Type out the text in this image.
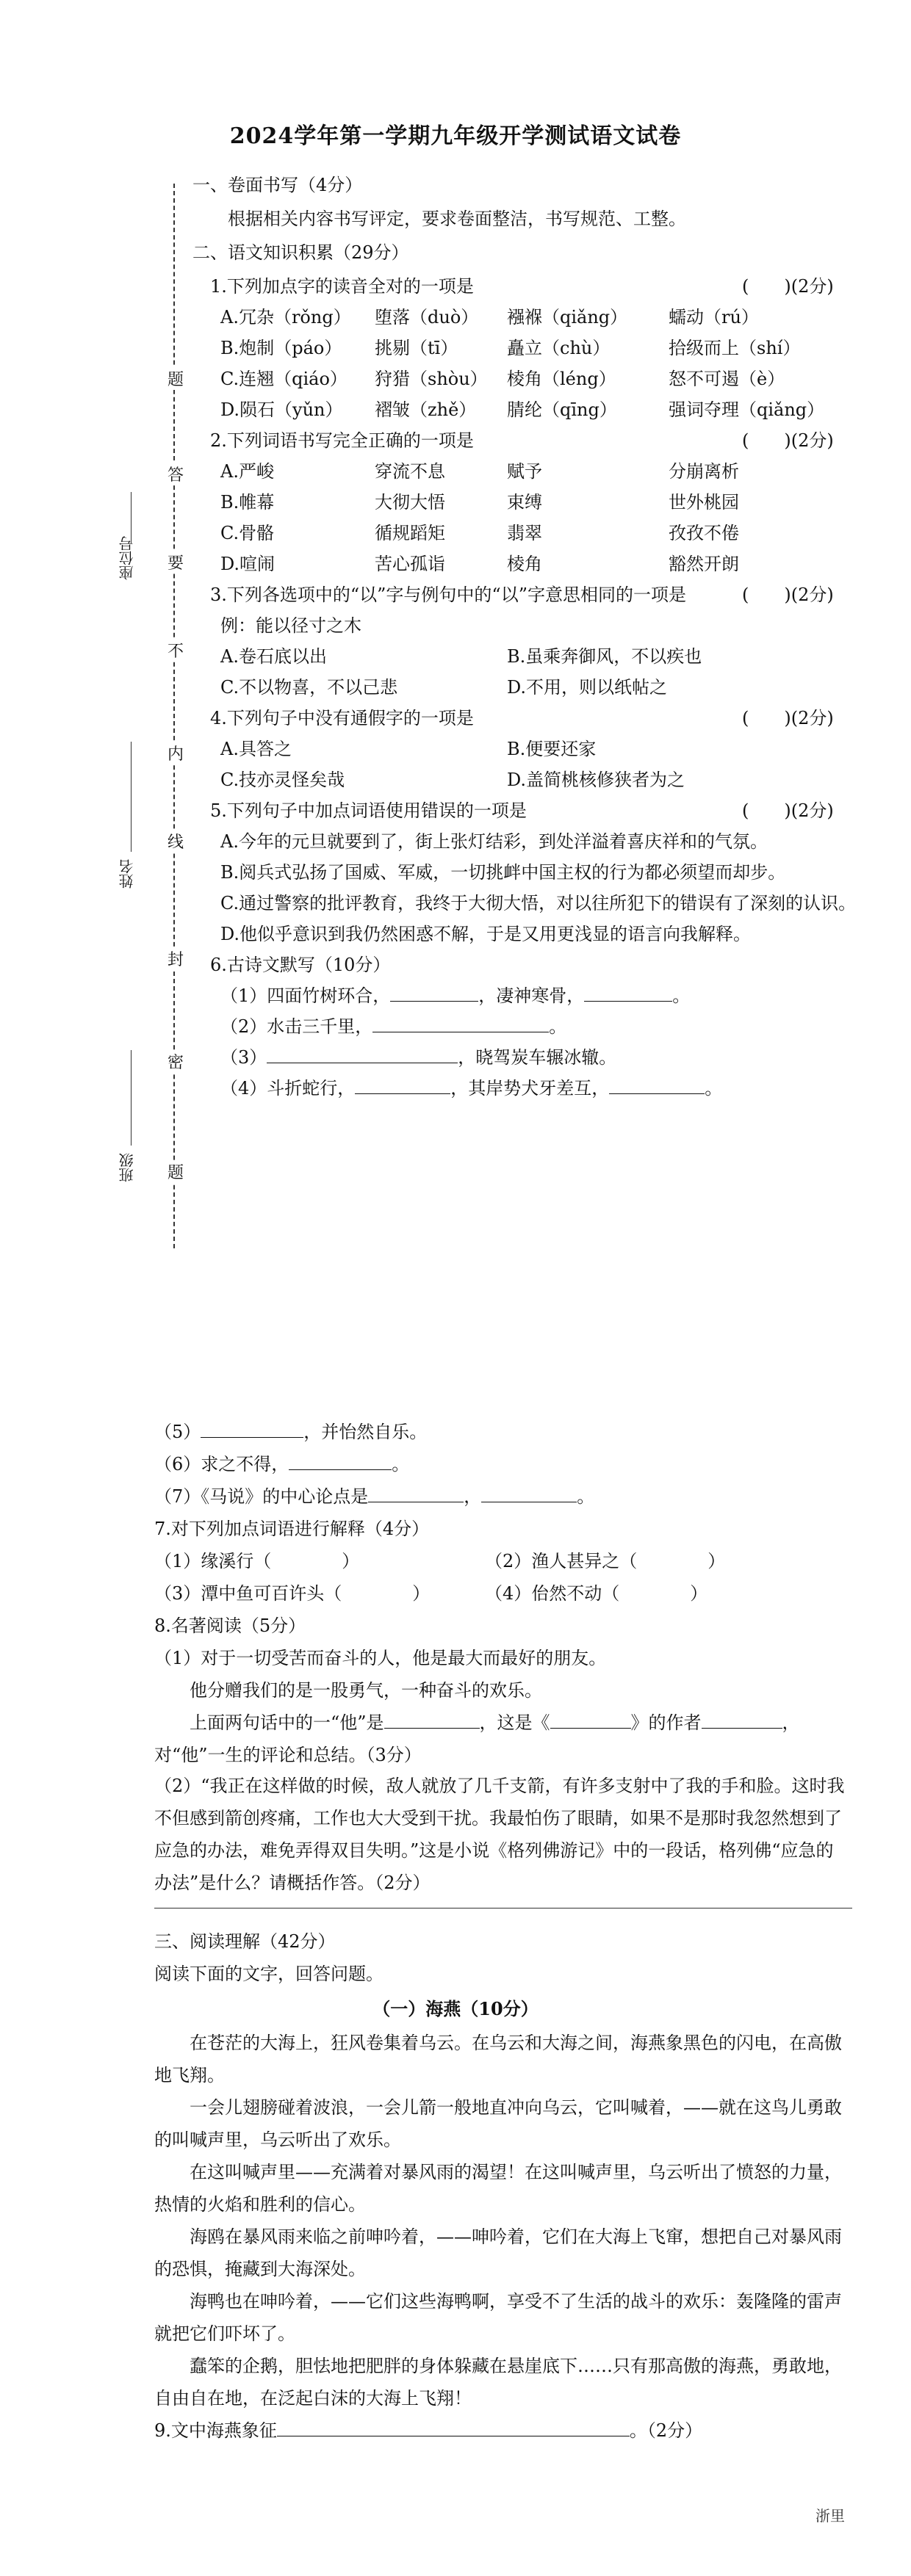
2024学年第一学期九年级开学测试语文试卷
座位号
姓名
班级
题
答
要
不
内
线
封
密
题
一、卷面书写（4分）
根据相关内容书写评定，要求卷面整洁，书写规范、工整。
二、语文知识积累（29分）
1.下列加点字的读音全对的一项是	(　　)(2分)
A.冗杂（rǒng） 堕落（duò） 襁褓（qiǎng） 蠕动（rú）
B.炮制（páo） 挑剔（tī）	矗立（chù）	拾级而上（shí）
C.连翘（qiáo） 狩猎（shòu） 棱角（léng）	怒不可遏（è）
D.陨石（yǔn） 褶皱（zhě） 腈纶（qīng）	强词夺理（qiǎng）
2.下列词语书写完全正确的一项是	(　　)(2分)
A.严峻	穿流不息	赋予	分崩离析
B.帷幕	大彻大悟	束缚	世外桃园
C.骨骼	循规蹈矩	翡翠	孜孜不倦
D.喧闹	苦心孤诣	棱角	豁然开朗
3.下列各选项中的“以”字与例句中的“以”字意思相同的一项是	(　　)(2分)
例：能以径寸之木
A.卷石底以出	B.虽乘奔御风，不以疾也
C.不以物喜，不以己悲	D.不用，则以纸帖之
4.下列句子中没有通假字的一项是	(　　)(2分)
A.具答之	B.便要还家
C.技亦灵怪矣哉	D.盖简桃核修狭者为之
5.下列句子中加点词语使用错误的一项是	(　　)(2分)
A.今年的元旦就要到了，街上张灯结彩，到处洋溢着喜庆祥和的气氛。
B.阅兵式弘扬了国威、军威，一切挑衅中国主权的行为都必须望而却步。
C.通过警察的批评教育，我终于大彻大悟，对以往所犯下的错误有了深刻的认识。
D.他似乎意识到我仍然困惑不解，于是又用更浅显的语言向我解释。
6.古诗文默写（10分）
（1）四面竹树环合，	，凄神寒骨，	。
（2）水击三千里，	。
（3）	，晓驾炭车辗冰辙。
（4）斗折蛇行，	，其岸势犬牙差互，	。
（5）	，并怡然自乐。
（6）求之不得，	。
（7）《马说》的中心论点是	，	。
7.对下列加点词语进行解释（4分）
（1）缘溪行（　　　　）	（2）渔人甚异之（　　　　）
（3）潭中鱼可百许头（　　　　）	（4）佁然不动（　　　　）
8.名著阅读（5分）
（1）对于一切受苦而奋斗的人，他是最大而最好的朋友。
他分赠我们的是一股勇气，一种奋斗的欢乐。
上面两句话中的一“他”是	，这是《	》的作者	，
对“他”一生的评论和总结。（3分）
（2）“我正在这样做的时候，敌人就放了几千支箭，有许多支射中了我的手和脸。这时我不但感到箭创疼痛，工作也大大受到干扰。我最怕伤了眼睛，如果不是那时我忽然想到了应急的办法，难免弄得双目失明。”这是小说《格列佛游记》中的一段话，格列佛“应急的办法”是什么？请概括作答。（2分）
三、阅读理解（42分）
阅读下面的文字，回答问题。
（一）海燕（10分）
在苍茫的大海上，狂风卷集着乌云。在乌云和大海之间，海燕象黑色的闪电，在高傲地飞翔。
一会儿翅膀碰着波浪，一会儿箭一般地直冲向乌云，它叫喊着，——就在这鸟儿勇敢的叫喊声里，乌云听出了欢乐。
在这叫喊声里——充满着对暴风雨的渴望！在这叫喊声里，乌云听出了愤怒的力量，热情的火焰和胜利的信心。
海鸥在暴风雨来临之前呻吟着，——呻吟着，它们在大海上飞窜，想把自己对暴风雨的恐惧，掩藏到大海深处。
海鸭也在呻吟着，——它们这些海鸭啊，享受不了生活的战斗的欢乐：轰隆隆的雷声就把它们吓坏了。
蠢笨的企鹅，胆怯地把肥胖的身体躲藏在悬崖底下……只有那高傲的海燕，勇敢地，自由自在地，在泛起白沫的大海上飞翔！
9.文中海燕象征	。（2分）
浙里
